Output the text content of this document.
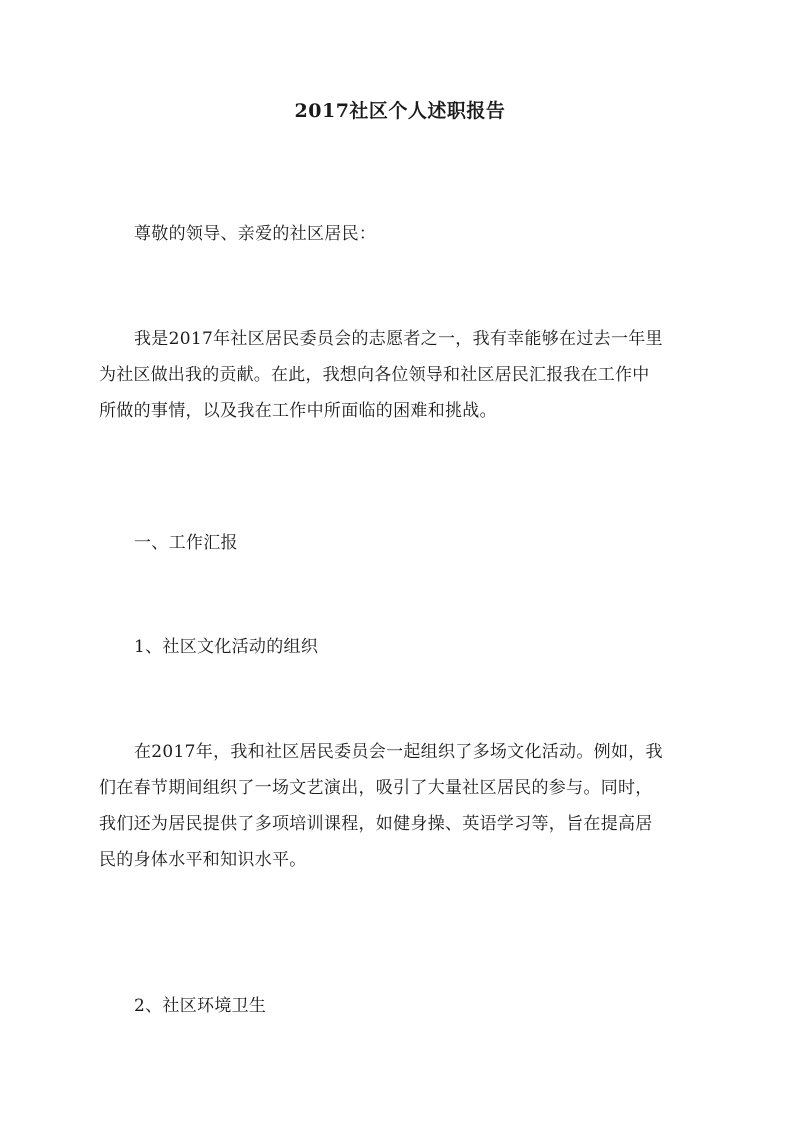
2017社区个人述职报告
尊敬的领导、亲爱的社区居民：
我是2017年社区居民委员会的志愿者之一，我有幸能够在过去一年里
为社区做出我的贡献。在此，我想向各位领导和社区居民汇报我在工作中
所做的事情，以及我在工作中所面临的困难和挑战。
一、工作汇报
1、社区文化活动的组织
在2017年，我和社区居民委员会一起组织了多场文化活动。例如，我
们在春节期间组织了一场文艺演出，吸引了大量社区居民的参与。同时，
我们还为居民提供了多项培训课程，如健身操、英语学习等，旨在提高居
民的身体水平和知识水平。
2、社区环境卫生
